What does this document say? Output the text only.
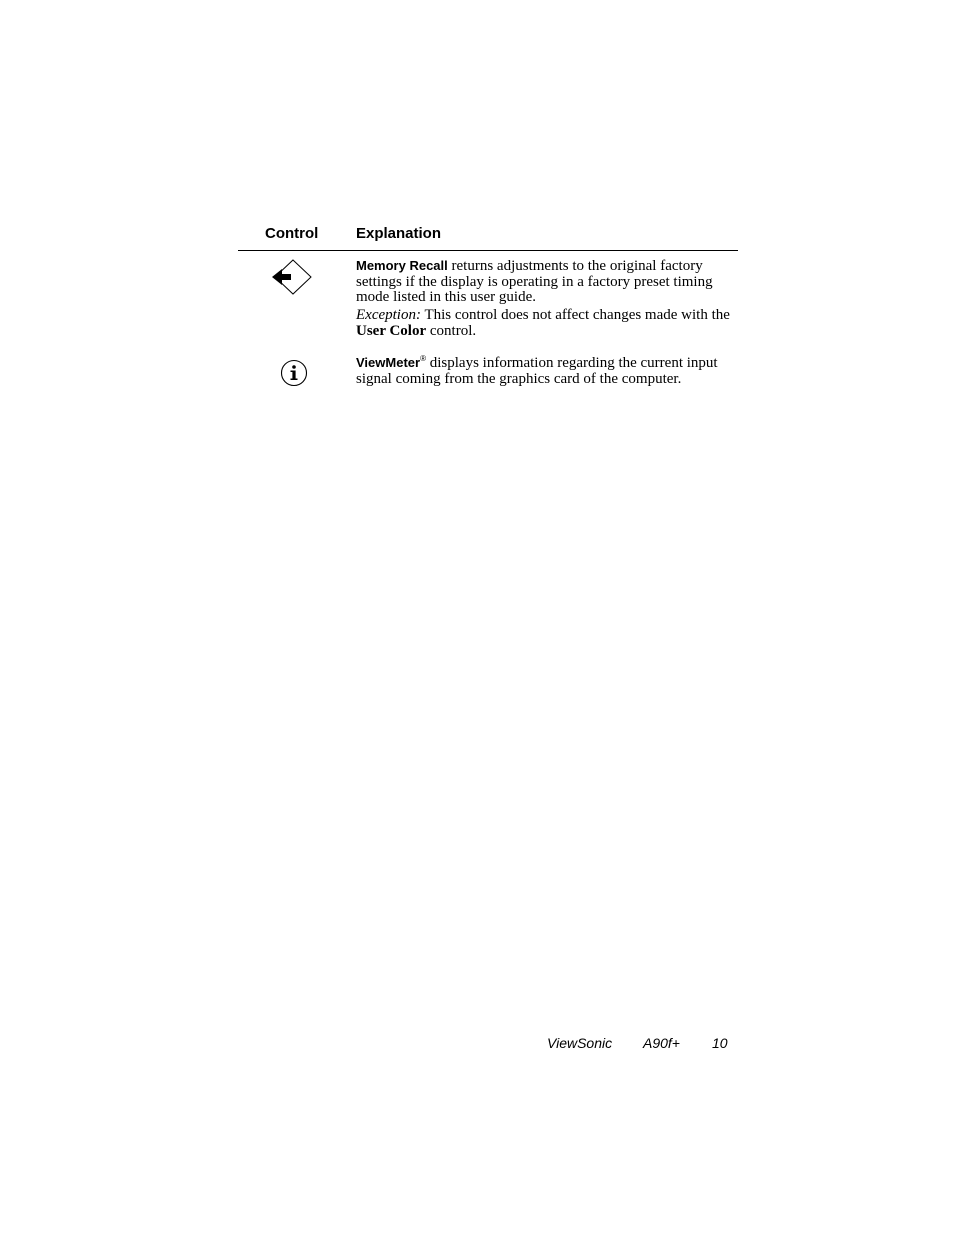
Control	Explanation

Memory Recall returns adjustments to the original factory settings if the display is operating in a factory preset timing mode listed in this user guide.

Exception: This control does not affect changes made with the User Color control.

ViewMeter® displays information regarding the current input signal coming from the graphics card of the computer.

ViewSonic A90f+ 10
